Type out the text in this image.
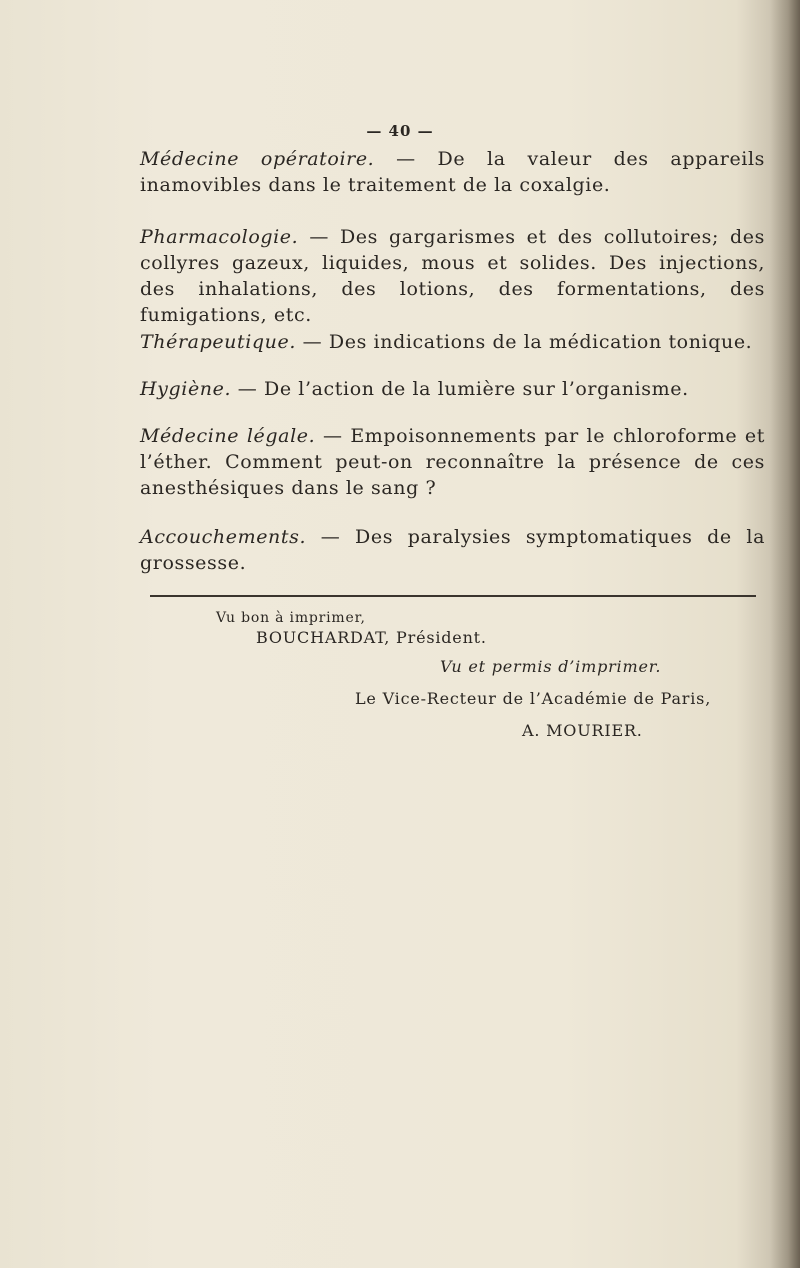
— 40 —

Médecine opératoire. — De la valeur des appareils inamovibles dans le traitement de la coxalgie.

Pharmacologie. — Des gargarismes et des collutoires; des collyres gazeux, liquides, mous et solides. Des injections, des inhalations, des lotions, des formentations, des fumigations, etc.

Thérapeutique. — Des indications de la médication tonique.

Hygiène. — De l’action de la lumière sur l’organisme.

Médecine légale. — Empoisonnements par le chloroforme et l’éther. Comment peut-on reconnaître la présence de ces anesthésiques dans le sang ?

Accouchements. — Des paralysies symptomatiques de la grossesse.

Vu bon à imprimer,
BOUCHARDAT, Président.
Vu et permis d’imprimer.
Le Vice-Recteur de l’Académie de Paris,
A. MOURIER.
